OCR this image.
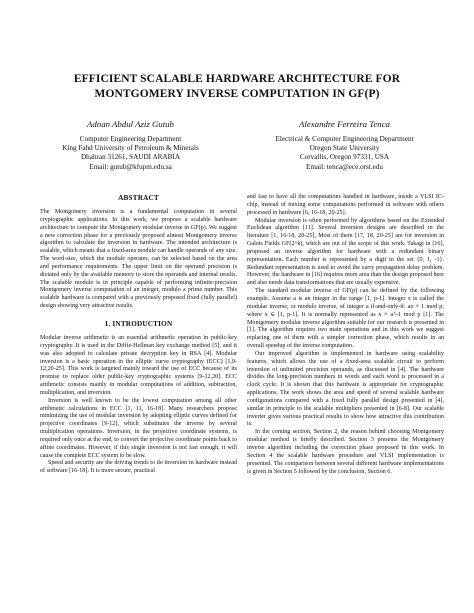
EFFICIENT SCALABLE HARDWARE ARCHITECTURE FOR
MONTGOMERY INVERSE COMPUTATION IN GF(P)
Adnan Abdul Aziz Gutub
Computer Engineering Department
King Fahd University of Petroleum & Minerals
Dhahran 31261, SAUDI ARABIA
Email: gutub@kfupm.edu.sa
Alexandre Ferreira Tenca
Electrical & Computer Engineering Department
Oregon State University
Corvallis, Oregon 97331, USA
Email: tenca@ece.orst.edu
ABSTRACT

The Montgomery inversion is a fundamental computation in several cryptographic applications. In this work, we propose a scalable hardware architecture to compute the Montgomery modular inverse in GF(p). We suggest a new correction phase for a previously proposed almost Montgomery inverse algorithm to calculate the inversion in hardware. The intended architecture is scalable, which means that a fixed-area module can handle operands of any size. The word-size, which the module operates, can be selected based on the area and performance requirements. The upper limit on the operand precision is dictated only by the available memory to store the operands and internal results. The scalable module is in principle capable of performing infinite-precision Montgomery inverse computation of an integer, modulo a prime number. This scalable hardware is compared with a previously proposed fixed (fully parallel) design showing very attractive results.

1. INTRODUCTION

Modular inverse arithmetic is an essential arithmetic operation in public-key cryptography. It is used in the Diffie-Hellman key exchange method [5], and it was also adopted to calculate private decryption key in RSA [4]. Modular inversion is a basic operation in the elliptic curve cryptography (ECC) [1,9-12,20-25]. This work is targeted mainly toward the use of ECC because of its promise to replace older public-key cryptographic systems [9-12,20]. ECC arithmetic consists mainly in modular computations of addition, subtraction, multiplication, and inversion.

Inversion is well known to be the lowest computation among all other arithmetic calculations in ECC [1, 11, 16-18]. Many researchers propose minimizing the use of modular inversion by adopting elliptic curves defined for projective coordinates [9-12], which substitutes the inverse by several multiplication operations. Inversion, in the projective coordinate systems, is required only once at the end, to convert the projective coordinate points back to affine coordinates. However, if this single inversion is not fast enough, it will cause the complete ECC system to be slow.

Speed and security are the driving trends to do inversion in hardware instead of software [16-18]. It is more secure, practical

and fast to have all the computations handled in hardware, inside a VLSI IC-chip, instead of mixing some computations performed in software with others processed in hardware [6, 16-18, 20-25].

Modular inversion is often performed by algorithms based on the Extended Euclidean algorithm [11]. Several inversion designs are described in the literature [1, 16-18, 20-25], Most of them [17, 18, 20-25] are for inversion in Galois Fields GF(2^k), which are out of the scope of this work. Takagi in [16], proposed an inverse algorithm for hardware with a redundant binary representation. Each number is represented by a digit in the set {0, 1, -1}. Redundant representation is used to avoid the carry propagation delay problem. However, the hardware in [16] requires more area than the design proposed here and also needs data transformations that are usually expensive.

The standard modular inverse of GF(p) can be defined by the following example. Assume a is an integer in the range [1, p-1]. Integer x is called the modular inverse, or modulo inverse, of integer a if-and-only-if: ax ≡ 1 mod p; where x ∈ [1, p-1]. It is normally represented as x ≡ a^-1 mod p [1]. The Montgomery modular inverse algorithm suitable for our research is presented in [1]. The algorithm requires two main operations and in this work we suggest replacing one of them with a simpler correction phase, which results in an overall speedup of the inverse computation.

Our improved algorithm is implemented in hardware using scalability features, which allows the use of a fixed-area scalable circuit to perform inversion of unlimited precision operands, as discussed in [4]. The hardware divides the long-precision numbers in words and each word is processed in a clock cycle. It is shown that this hardware is appropriate for cryptographic applications. The work shows the area and speed of several scalable hardware configurations compared with a fixed fully parallel design presented in [4], similar in principle to the scalable multipliers presented in [6-8]. Our scalable inverter gives various practical results to show how attractive this contribution is.

In the coming section, Section 2, the reason behind choosing Montgomery modular method is briefly described. Section 3 presents the Montgomery inverse algorithm including the correction phase proposed in this work. In Section 4 the scalable hardware procedure and VLSI implementation is presented. The comparison between several different hardware implementations is given in Section 5 followed by the conclusion, Section 6.
